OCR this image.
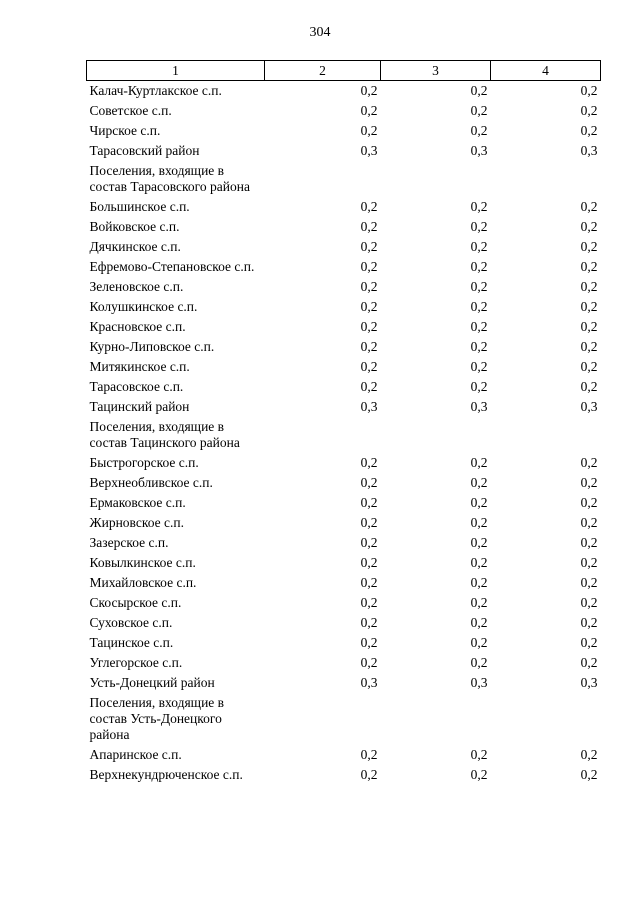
304
1	2	3	4
Калач-Куртлакское с.п.	0,2	0,2	0,2
Советское с.п.	0,2	0,2	0,2
Чирское с.п.	0,2	0,2	0,2
Тарасовский район	0,3	0,3	0,3
Поселения, входящие в состав Тарасовского района			
Большинское с.п.	0,2	0,2	0,2
Войковское с.п.	0,2	0,2	0,2
Дячкинское с.п.	0,2	0,2	0,2
Ефремово-Степановское с.п.	0,2	0,2	0,2
Зеленовское с.п.	0,2	0,2	0,2
Колушкинское с.п.	0,2	0,2	0,2
Красновское с.п.	0,2	0,2	0,2
Курно-Липовское с.п.	0,2	0,2	0,2
Митякинское с.п.	0,2	0,2	0,2
Тарасовское с.п.	0,2	0,2	0,2
Тацинский район	0,3	0,3	0,3
Поселения, входящие в состав Тацинского района			
Быстрогорское с.п.	0,2	0,2	0,2
Верхнеобливское с.п.	0,2	0,2	0,2
Ермаковское с.п.	0,2	0,2	0,2
Жирновское с.п.	0,2	0,2	0,2
Зазерское с.п.	0,2	0,2	0,2
Ковылкинское с.п.	0,2	0,2	0,2
Михайловское с.п.	0,2	0,2	0,2
Скосырское с.п.	0,2	0,2	0,2
Суховское с.п.	0,2	0,2	0,2
Тацинское с.п.	0,2	0,2	0,2
Углегорское с.п.	0,2	0,2	0,2
Усть-Донецкий район	0,3	0,3	0,3
Поселения, входящие в состав Усть-Донецкого района			
Апаринское с.п.	0,2	0,2	0,2
Верхнекундрюченское с.п.	0,2	0,2	0,2
